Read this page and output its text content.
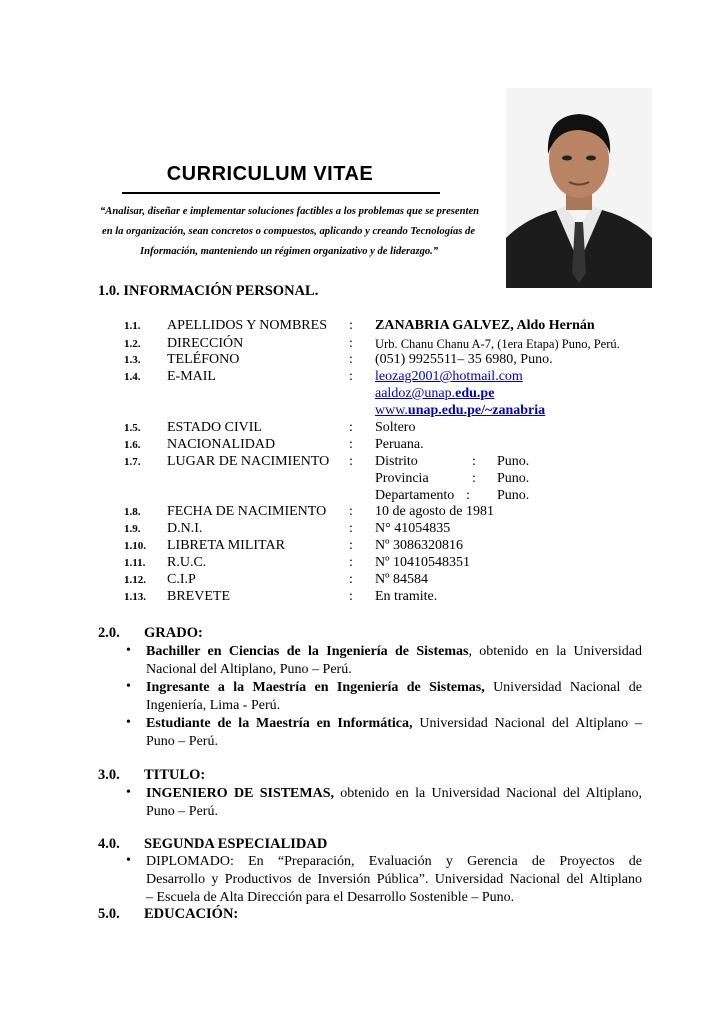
CURRICULUM VITAE
“Analisar, diseñar e implementar soluciones factibles a los problemas que se presenten
en la organización, sean concretos o compuestos, aplicando y creando Tecnologías de
Información, manteniendo un régimen organizativo y de liderazgo.”
1.0. INFORMACIÓN PERSONAL.
1.1. APELLIDOS Y NOMBRES : ZANABRIA GALVEZ, Aldo Hernán
1.2. DIRECCIÓN	: Urb. Chanu Chanu A-7, (1era Etapa) Puno, Perú.
1.3. TELÉFONO	: (051) 9925511– 35 6980, Puno.
1.4. E-MAIL	: leozag2001@hotmail.com
aaldoz@unap.edu.pe
www.unap.edu.pe/~zanabria
1.5. ESTADO CIVIL	: Soltero
1.6. NACIONALIDAD	: Peruana.
1.7. LUGAR DE NACIMIENTO : Distrito	: Puno.
Provincia	: Puno.
Departamento : Puno.
1.8. FECHA DE NACIMIENTO : 10 de agosto de 1981
1.9. D.N.I.	: N° 41054835
1.10. LIBRETA MILITAR	: Nº 3086320816
1.11. R.U.C.	: Nº 10410548351
1.12. C.I.P	: Nº 84584
1.13. BREVETE	: En tramite.
2.0. GRADO:
• Bachiller en Ciencias de la Ingeniería de Sistemas, obtenido en la Universidad
Nacional del Altiplano, Puno – Perú.
• Ingresante a la Maestría en Ingeniería de Sistemas, Universidad Nacional de
Ingeniería, Lima - Perú.
• Estudiante de la Maestría en Informática, Universidad Nacional del Altiplano –
Puno – Perú.
3.0. TITULO:
• INGENIERO DE SISTEMAS, obtenido en la Universidad Nacional del Altiplano,
Puno – Perú.
4.0. SEGUNDA ESPECIALIDAD
• DIPLOMADO: En “Preparación, Evaluación y Gerencia de Proyectos de
Desarrollo y Productivos de Inversión Pública”. Universidad Nacional del Altiplano
– Escuela de Alta Dirección para el Desarrollo Sostenible – Puno.
5.0. EDUCACIÓN:
